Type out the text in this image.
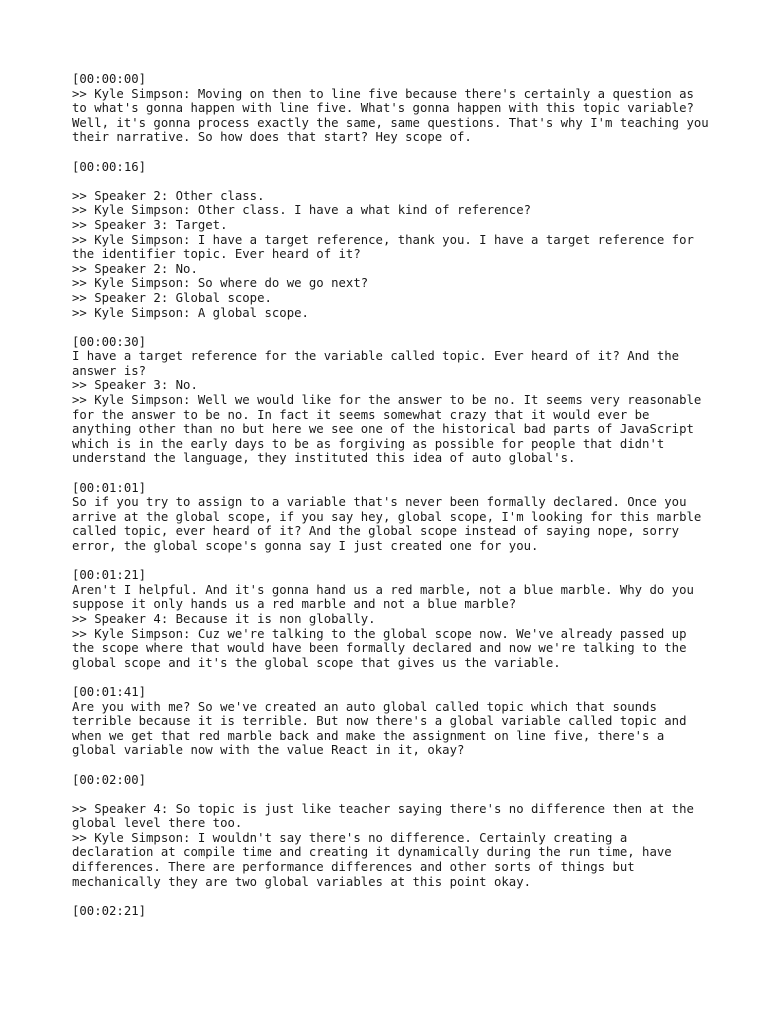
[00:00:00]
>> Kyle Simpson: Moving on then to line five because there's certainly a question as to what's gonna happen with line five. What's gonna happen with this topic variable? Well, it's gonna process exactly the same, same questions. That's why I'm teaching you their narrative. So how does that start? Hey scope of.
[00:00:16]
>> Speaker 2: Other class.
>> Kyle Simpson: Other class. I have a what kind of reference?
>> Speaker 3: Target.
>> Kyle Simpson: I have a target reference, thank you. I have a target reference for the identifier topic. Ever heard of it?
>> Speaker 2: No.
>> Kyle Simpson: So where do we go next?
>> Speaker 2: Global scope.
>> Kyle Simpson: A global scope.
[00:00:30]
I have a target reference for the variable called topic. Ever heard of it? And the answer is?
>> Speaker 3: No.
>> Kyle Simpson: Well we would like for the answer to be no. It seems very reasonable for the answer to be no. In fact it seems somewhat crazy that it would ever be anything other than no but here we see one of the historical bad parts of JavaScript which is in the early days to be as forgiving as possible for people that didn't understand the language, they instituted this idea of auto global's.
[00:01:01]
So if you try to assign to a variable that's never been formally declared. Once you arrive at the global scope, if you say hey, global scope, I'm looking for this marble called topic, ever heard of it? And the global scope instead of saying nope, sorry error, the global scope's gonna say I just created one for you.
[00:01:21]
Aren't I helpful. And it's gonna hand us a red marble, not a blue marble. Why do you suppose it only hands us a red marble and not a blue marble?
>> Speaker 4: Because it is non globally.
>> Kyle Simpson: Cuz we're talking to the global scope now. We've already passed up the scope where that would have been formally declared and now we're talking to the global scope and it's the global scope that gives us the variable.
[00:01:41]
Are you with me? So we've created an auto global called topic which that sounds terrible because it is terrible. But now there's a global variable called topic and when we get that red marble back and make the assignment on line five, there's a global variable now with the value React in it, okay?
[00:02:00]
>> Speaker 4: So topic is just like teacher saying there's no difference then at the global level there too.
>> Kyle Simpson: I wouldn't say there's no difference. Certainly creating a declaration at compile time and creating it dynamically during the run time, have differences. There are performance differences and other sorts of things but mechanically they are two global variables at this point okay.
[00:02:21]
